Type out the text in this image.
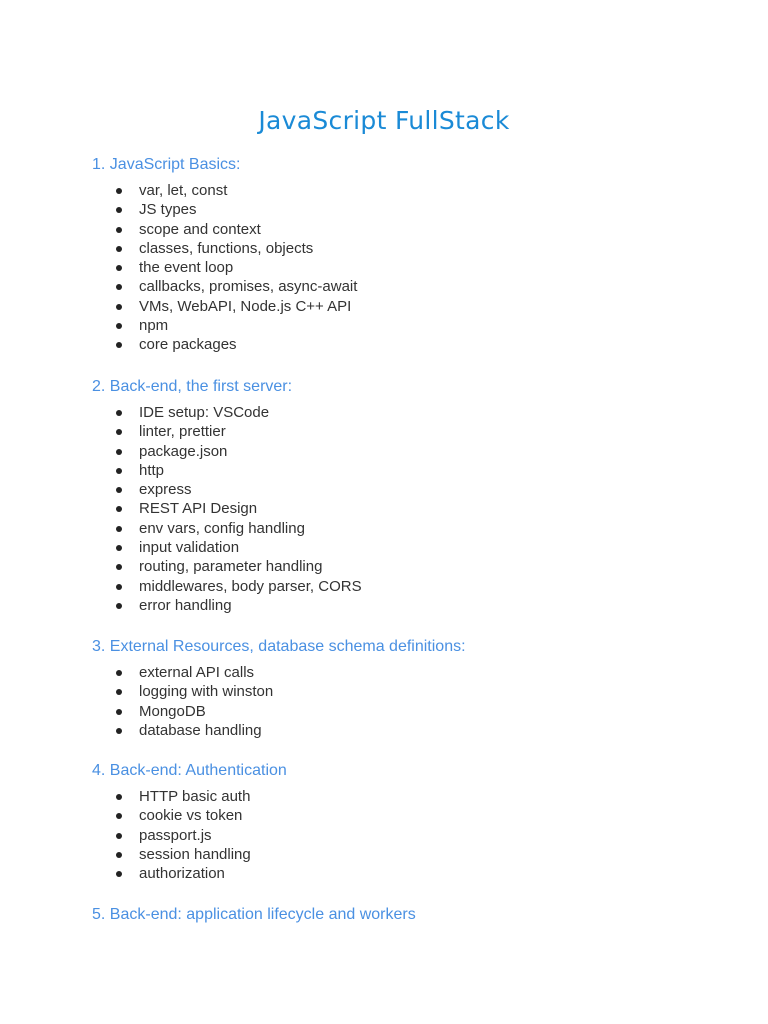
JavaScript FullStack
1. JavaScript Basics:
var, let, const
JS types
scope and context
classes, functions, objects
the event loop
callbacks, promises, async-await
VMs, WebAPI, Node.js C++ API
npm
core packages
2. Back-end, the first server:
IDE setup: VSCode
linter, prettier
package.json
http
express
REST API Design
env vars, config handling
input validation
routing, parameter handling
middlewares, body parser, CORS
error handling
3. External Resources, database schema definitions:
external API calls
logging with winston
MongoDB
database handling
4. Back-end: Authentication
HTTP basic auth
cookie vs token
passport.js
session handling
authorization
5. Back-end: application lifecycle and workers
